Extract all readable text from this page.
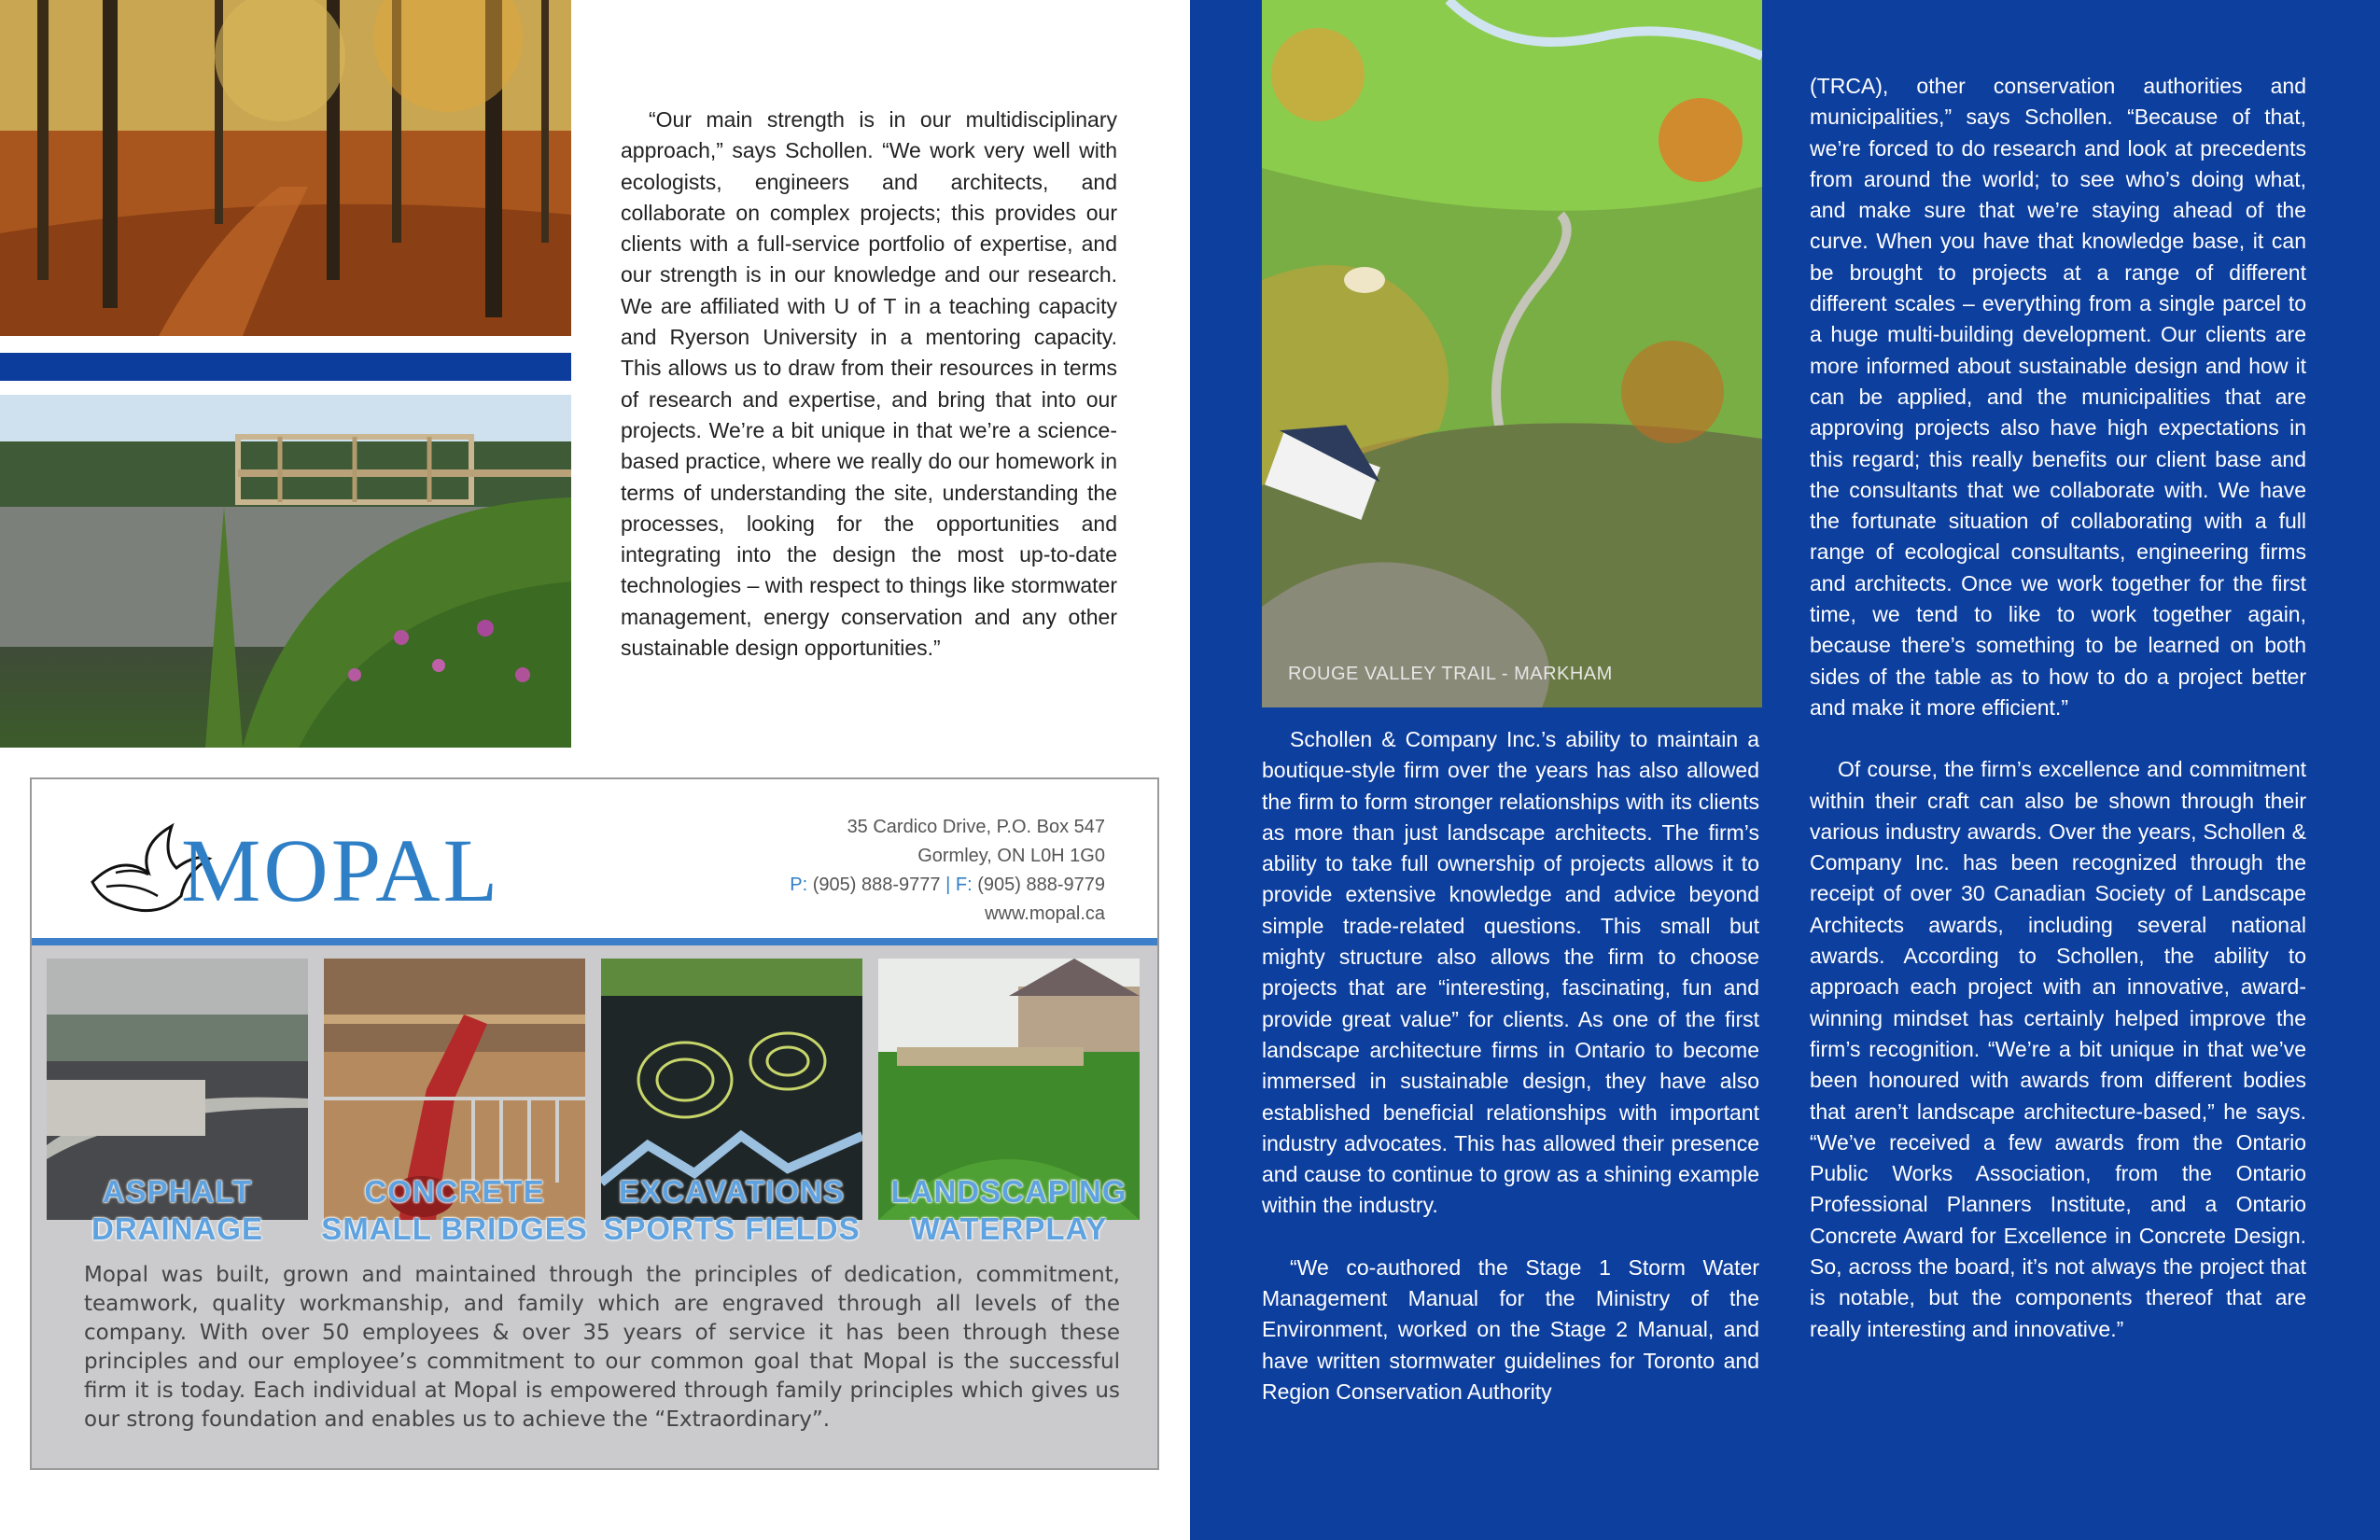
“Our main strength is in our multidisciplinary approach,” says Schollen. “We work very well with ecologists, engineers and architects, and collaborate on complex projects; this provides our clients with a full-service portfolio of expertise, and our strength is in our knowledge and our research. We are affiliated with U of T in a teaching capacity and Ryerson University in a mentoring capacity. This allows us to draw from their resources in terms of research and expertise, and bring that into our projects. We’re a bit unique in that we’re a science-based practice, where we really do our homework in terms of understanding the site, understanding the processes, looking for the opportunities and integrating into the design the most up-to-date technologies – with respect to things like stormwater management, energy conservation and any other sustainable design opportunities.”

MOPAL	35 Cardico Drive, P.O. Box 547
Gormley, ON L0H 1G0
P: (905) 888-9777 | F: (905) 888-9779
www.mopal.ca
ASPHALT
DRAINAGE
CONCRETE
SMALL BRIDGES
EXCAVATIONS
SPORTS FIELDS
LANDSCAPING
WATERPLAY
Mopal was built, grown and maintained through the principles of dedication, commitment, teamwork, quality workmanship, and family which are engraved through all levels of the company. With over 50 employees & over 35 years of service it has been through these principles and our employee’s commitment to our common goal that Mopal is the successful firm it is today. Each individual at Mopal is empowered through family principles which gives us our strong foundation and enables us to achieve the “Extraordinary”.
ROUGE VALLEY TRAIL - MARKHAM

Schollen & Company Inc.’s ability to maintain a boutique-style firm over the years has also allowed the firm to form stronger relationships with its clients as more than just landscape architects. The firm’s ability to take full ownership of projects allows it to provide extensive knowledge and advice beyond simple trade-related questions. This small but mighty structure also allows the firm to choose projects that are “interesting, fascinating, fun and provide great value” for clients. As one of the first landscape architecture firms in Ontario to become immersed in sustainable design, they have also established beneficial relationships with important industry advocates. This has allowed their presence and cause to continue to grow as a shining example within the industry.

“We co-authored the Stage 1 Storm Water Management Manual for the Ministry of the Environment, worked on the Stage 2 Manual, and have written stormwater guidelines for Toronto and Region Conservation Authority

(TRCA), other conservation authorities and municipalities,” says Schollen. “Because of that, we’re forced to do research and look at precedents from around the world; to see who’s doing what, and make sure that we’re staying ahead of the curve. When you have that knowledge base, it can be brought to projects at a range of different different scales – everything from a single parcel to a huge multi-building development. Our clients are more informed about sustainable design and how it can be applied, and the municipalities that are approving projects also have high expectations in this regard; this really benefits our client base and the consultants that we collaborate with. We have the fortunate situation of collaborating with a full range of ecological consultants, engineering firms and architects. Once we work together for the first time, we tend to like to work together again, because there’s something to be learned on both sides of the table as to how to do a project better and make it more efficient.”

Of course, the firm’s excellence and commitment within their craft can also be shown through their various industry awards. Over the years, Schollen & Company Inc. has been recognized through the receipt of over 30 Canadian Society of Landscape Architects awards, including several national awards. According to Schollen, the ability to approach each project with an innovative, award-winning mindset has certainly helped improve the firm’s recognition. “We’re a bit unique in that we’ve been honoured with awards from different bodies that aren’t landscape architecture-based,” he says. “We’ve received a few awards from the Ontario Public Works Association, from the Ontario Professional Planners Institute, and a Ontario Concrete Award for Excellence in Concrete Design. So, across the board, it’s not always the project that is notable, but the components thereof that are really interesting and innovative.”
